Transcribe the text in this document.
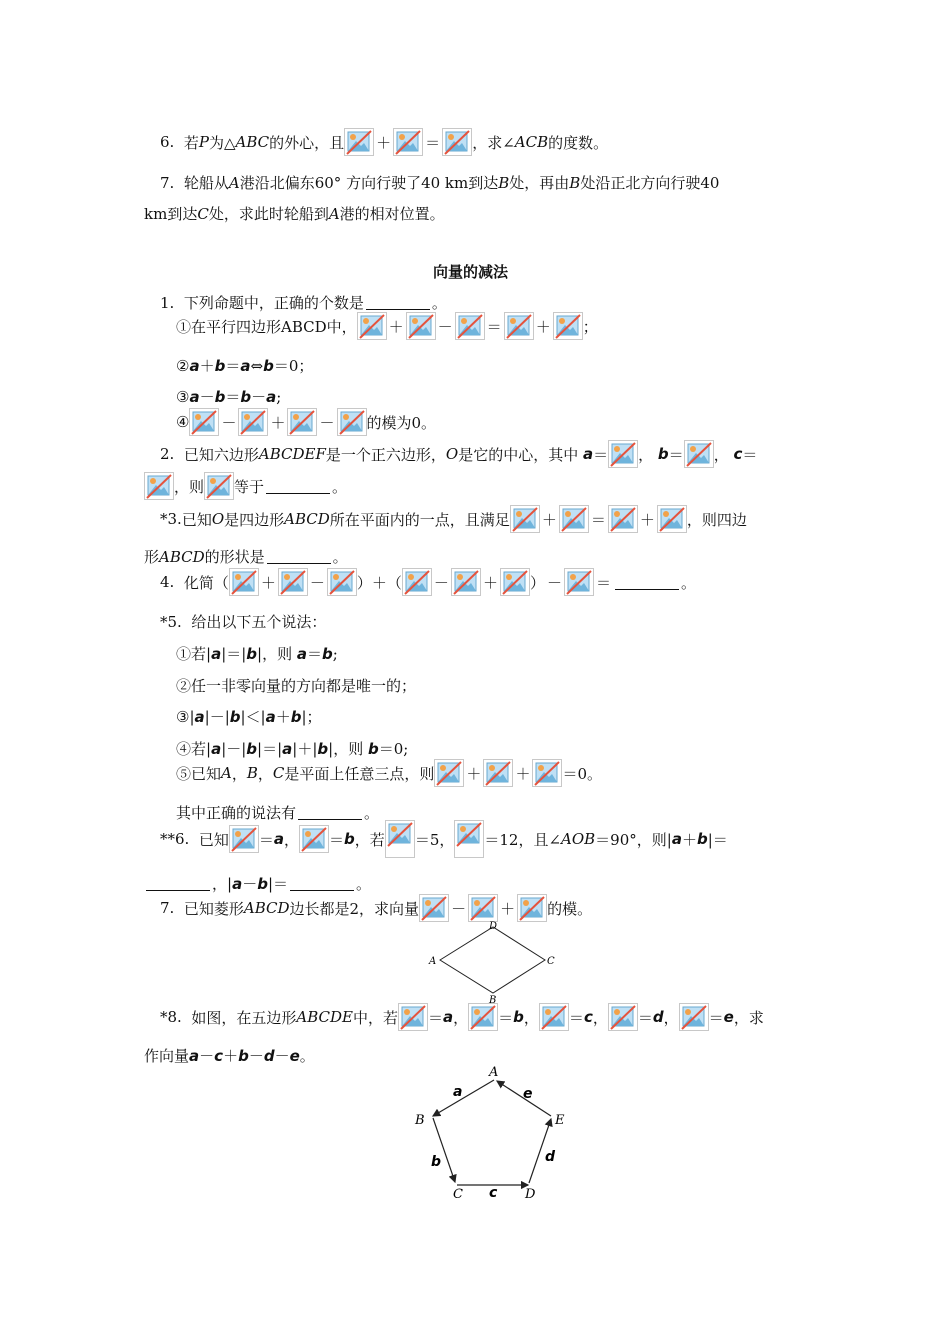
6.
若 P 为△ ABC 的外心，且 ＋ ＝ ，求∠ ACB 的度数。
7.
轮船从 A 港沿北偏东60° 方向行驶了40 km到达 B 处，再由 B 处沿正北方向行驶40
km到达 C 处，求此时轮船到 A 港的相对位置。
向量的减法
1.
下列命题中，正确的个数是	。
①在平行四边形ABCD中， ＋ － ＝ ＋ ；
② a ＋ b ＝ a ⇔ b ＝0；
③ a － b ＝ b － a ;
④ － ＋ － 的模为0。
2.
已知六边形 ABCDEF 是一个正六边形， O 是它的中心，其中
a ＝ ， b ＝ ， c ＝
，则 等于	。
*3. 已知 O 是四边形 ABCD 所在平面内的一点，且满足 ＋ ＝ ＋ ，则四边
形 ABCD 的形状是	。
4.
化简（ ＋ － ）＋（ － ＋ ） － ＝	。
*5.
给出以下五个说法：
①若| a |＝| b |，则
a ＝ b ;
②任一非零向量的方向都是唯一的；
③| a |－| b |＜| a ＋ b |；
④若| a |－| b |＝| a |＋| b |，则
b ＝0;
⑤已知 A ， B ， C 是平面上任意三点，则 ＋ ＋ ＝0。
其中正确的说法有	。
**6.
已知 ＝ a ， ＝ b ，若 ＝5， ＝12，且∠ AOB ＝90°，则| a ＋ b |＝
，| a － b |＝	。
7.
已知菱形 ABCD 边长都是2，求向量 － ＋ 的模。
D
A	C
B
*8.
如图，在五边形 ABCDE 中，若 ＝ a ， ＝ b ， ＝ c ， ＝ d ， ＝ e ，求
作向量 a － c ＋ b － d － e 。
A
B
C	D
E
a
b
c
d
e
